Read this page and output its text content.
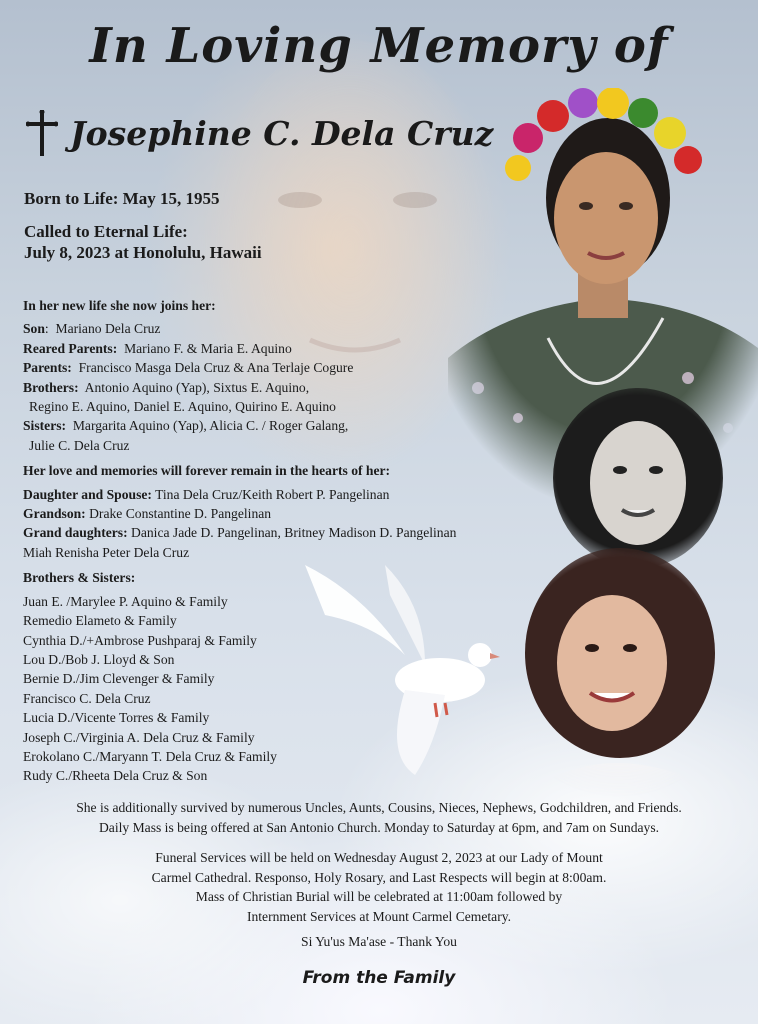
In Loving Memory of
Josephine C. Dela Cruz
Born to Life: May 15, 1955
Called to Eternal Life:
July 8, 2023 at Honolulu, Hawaii
In her new life she now joins her:
Son:  Mariano Dela Cruz
Reared Parents: Mariano F. & Maria E. Aquino
Parents: Francisco Masga Dela Cruz & Ana Terlaje Cogure
Brothers: Antonio Aquino (Yap), Sixtus E. Aquino,
Regino E. Aquino, Daniel E. Aquino, Quirino E. Aquino
Sisters: Margarita Aquino (Yap), Alicia C. / Roger Galang,
Julie C. Dela Cruz
Her love and memories will forever remain in the hearts of her:
Daughter and Spouse: Tina Dela Cruz/Keith Robert P. Pangelinan
Grandson: Drake Constantine D. Pangelinan
Grand daughters: Danica Jade D. Pangelinan, Britney Madison D. Pangelinan
Miah Renisha Peter Dela Cruz
Brothers & Sisters:
Juan E. /Marylee P. Aquino & Family
Remedio Elameto & Family
Cynthia D./+Ambrose Pushparaj & Family
Lou D./Bob J. Lloyd & Son
Bernie D./Jim Clevenger & Family
Francisco C. Dela Cruz
Lucia D./Vicente Torres & Family
Joseph C./Virginia A. Dela Cruz & Family
Erokolano C./Maryann T. Dela Cruz & Family
Rudy C./Rheeta Dela Cruz & Son
She is additionally survived by numerous Uncles, Aunts, Cousins, Nieces, Nephews, Godchildren, and Friends.
Daily Mass is being offered at San Antonio Church. Monday to Saturday at 6pm, and 7am on Sundays.
Funeral Services will be held on Wednesday August 2, 2023 at our Lady of Mount
Carmel Cathedral. Responso, Holy Rosary, and Last Respects will begin at 8:00am.
Mass of Christian Burial will be celebrated at 11:00am followed by
Internment Services at Mount Carmel Cemetary.
Si Yu'us Ma'ase - Thank You
From the Family
